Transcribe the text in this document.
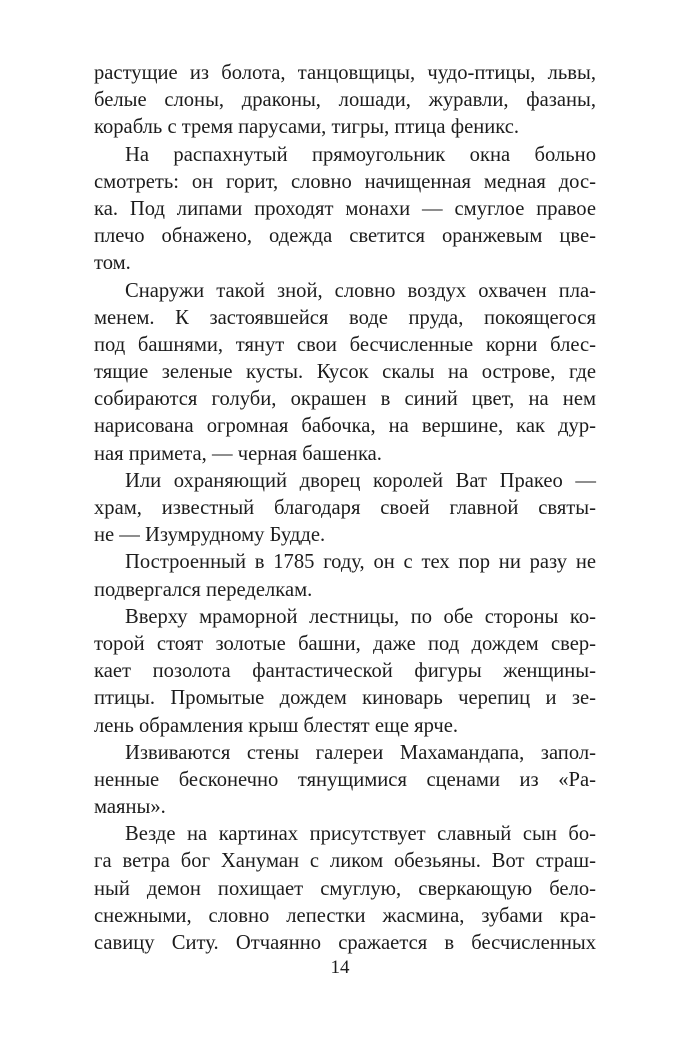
растущие из болота, танцовщицы, чудо-птицы, львы,
белые слоны, драконы, лошади, журавли, фазаны,
корабль с тремя парусами, тигры, птица феникс.
На распахнутый прямоугольник окна больно
смотреть: он горит, словно начищенная медная дос-
ка. Под липами проходят монахи — смуглое правое
плечо обнажено, одежда светится оранжевым цве-
том.
Снаружи такой зной, словно воздух охвачен пла-
менем. К застоявшейся воде пруда, покоящегося
под башнями, тянут свои бесчисленные корни блес-
тящие зеленые кусты. Кусок скалы на острове, где
собираются голуби, окрашен в синий цвет, на нем
нарисована огромная бабочка, на вершине, как дур-
ная примета, — черная башенка.
Или охраняющий дворец королей Ват Пракео —
храм, известный благодаря своей главной святы-
не — Изумрудному Будде.
Построенный в 1785 году, он с тех пор ни разу не
подвергался переделкам.
Вверху мраморной лестницы, по обе стороны ко-
торой стоят золотые башни, даже под дождем свер-
кает позолота фантастической фигуры женщины-
птицы. Промытые дождем киноварь черепиц и зе-
лень обрамления крыш блестят еще ярче.
Извиваются стены галереи Махамандапа, запол-
ненные бесконечно тянущимися сценами из «Ра-
маяны».
Везде на картинах присутствует славный сын бо-
га ветра бог Хануман с ликом обезьяны. Вот страш-
ный демон похищает смуглую, сверкающую бело-
снежными, словно лепестки жасмина, зубами кра-
савицу Ситу. Отчаянно сражается в бесчисленных
14
